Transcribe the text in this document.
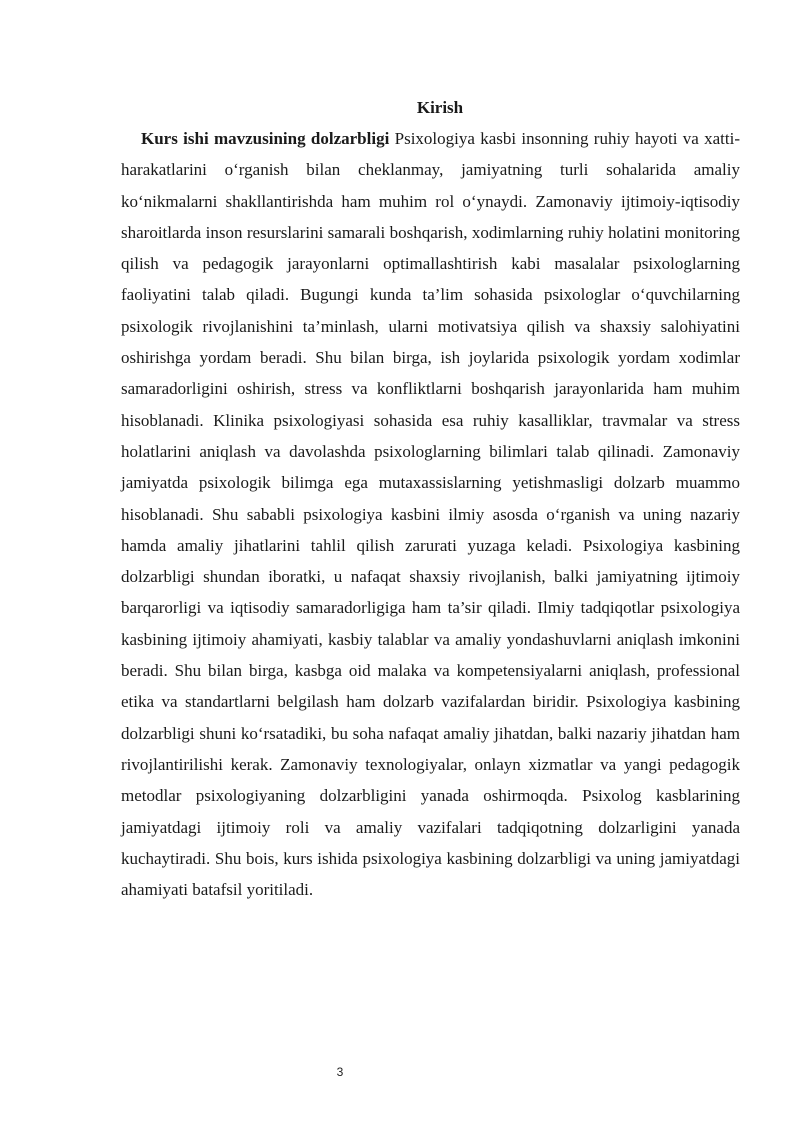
Kirish

Kurs ishi mavzusining dolzarbligi Psixologiya kasbi insonning ruhiy hayoti va xatti-harakatlarini o‘rganish bilan cheklanmay, jamiyatning turli sohalarida amaliy ko‘nikmalarni shakllantirishda ham muhim rol o‘ynaydi. Zamonaviy ijtimoiy-iqtisodiy sharoitlarda inson resurslarini samarali boshqarish, xodimlarning ruhiy holatini monitoring qilish va pedagogik jarayonlarni optimallashtirish kabi masalalar psixologlarning faoliyatini talab qiladi. Bugungi kunda ta’lim sohasida psixologlar o‘quvchilarning psixologik rivojlanishini ta’minlash, ularni motivatsiya qilish va shaxsiy salohiyatini oshirishga yordam beradi. Shu bilan birga, ish joylarida psixologik yordam xodimlar samaradorligini oshirish, stress va konfliktlarni boshqarish jarayonlarida ham muhim hisoblanadi. Klinika psixologiyasi sohasida esa ruhiy kasalliklar, travmalar va stress holatlarini aniqlash va davolashda psixologlarning bilimlari talab qilinadi. Zamonaviy jamiyatda psixologik bilimga ega mutaxassislarning yetishmasligi dolzarb muammo hisoblanadi. Shu sababli psixologiya kasbini ilmiy asosda o‘rganish va uning nazariy hamda amaliy jihatlarini tahlil qilish zarurati yuzaga keladi. Psixologiya kasbining dolzarbligi shundan iboratki, u nafaqat shaxsiy rivojlanish, balki jamiyatning ijtimoiy barqarorligi va iqtisodiy samaradorligiga ham ta’sir qiladi. Ilmiy tadqiqotlar psixologiya kasbining ijtimoiy ahamiyati, kasbiy talablar va amaliy yondashuvlarni aniqlash imkonini beradi. Shu bilan birga, kasbga oid malaka va kompetensiyalarni aniqlash, professional etika va standartlarni belgilash ham dolzarb vazifalardan biridir. Psixologiya kasbining dolzarbligi shuni ko‘rsatadiki, bu soha nafaqat amaliy jihatdan, balki nazariy jihatdan ham rivojlantirilishi kerak. Zamonaviy texnologiyalar, onlayn xizmatlar va yangi pedagogik metodlar psixologiyaning dolzarbligini yanada oshirmoqda. Psixolog kasblarining jamiyatdagi ijtimoiy roli va amaliy vazifalari tadqiqotning dolzarligini yanada kuchaytiradi. Shu bois, kurs ishida psixologiya kasbining dolzarbligi va uning jamiyatdagi ahamiyati batafsil yoritiladi.

3
